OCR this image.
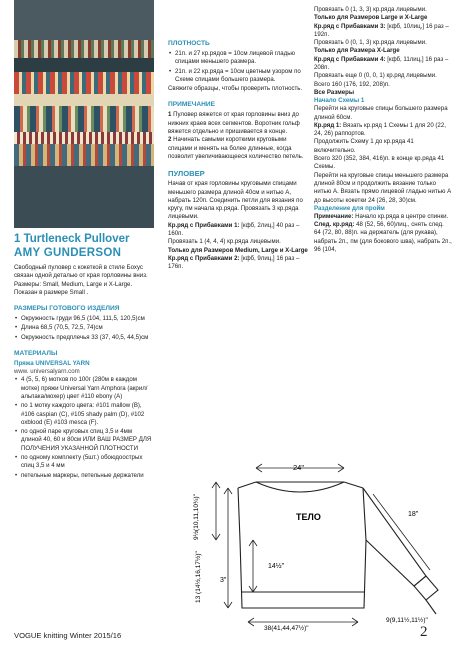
1 Turtleneck Pullover
AMY GUNDERSON

Свободный пуловер с кокеткой в стиле Бохус связан одной деталью от края горловины вниз.

Размеры: Small, Medium, Large и X-Large. Показан в размере Small .

РАЗМЕРЫ ГОТОВОГО ИЗДЕЛИЯ
• Окружность груди 96,5 (104, 111,5, 120,5)см
• Длина 68,5 (70,5, 72,5, 74)см
• Окружность предплечья 33 (37, 40,5, 44,5)см
МАТЕРИАЛЫ
Пряжа UNIVERSAL YARN

www. universalyarn.com

• 4 (5, 5, 6) мотков по 100г (280м в каждом мотке) пряжи Universal Yarn Amphora (акрил/альпака/мохер) цвет #110 ebony (A)
• по 1 мотку каждого цвета: #101 mallow (B), #106 caspian (C), #105 shady palm (D), #102 oxblood (E) #103 mesca (F).
• по одной паре круговых спиц 3,5 и 4мм длиной 40, 60 и 80см ИЛИ ВАШ РАЗМЕР ДЛЯ ПОЛУЧЕНИЯ УКАЗАННОЙ ПЛОТНОСТИ
• по одному комплекту (5шт.) обоюдоострых спиц 3,5 и 4 мм
• петельные маркеры, петельные держатели
ПЛОТНОСТЬ
• 21п. и 27 кр.рядов = 10см лицевой гладью спицами меньшего размера.
• 21п. и 22 кр.ряда = 10см цветным узором по Схеме спицами большего размера.

Свяжите образцы, чтобы проверить плотность.

ПРИМЕЧАНИЕ

1 Пуловер вяжется от края горловины вниз до нижних краев всех сегментов. Воротник гольф вяжется отдельно и пришивается в конце.

2 Начинать самыми короткими круговыми спицами и менять на более длинные, когда позволит увеличивающееся количество петель.

ПУЛОВЕР

Начав от края горловины круговыми спицами меньшего размера длиной 40см и нитью А, набрать 120п. Соединить петли для вязания по кругу, пм начала кр.ряда. Провязать 3 кр.ряда лицевыми.

Кр.ряд с Прибавками 1: [кфб, 2лиц,] 40 раз – 160п.

Провязать 1 (4, 4, 4) кр.ряда лицевыми.

Только для Размеров Medium, Large и X-Large

Кр.ряд с Прибавками 2: [кфб, 9лиц,] 16 раз – 176п.

Провязать 0 (1, 3, 3) кр.ряда лицевыми.

Только для Размеров Large и X-Large

Кр.ряд с Прибавками 3: [кфб, 10лиц,] 16 раз – 192п.

Провязать 0 (0, 1, 3) кр.ряда лицевыми.

Только для Размера X-Large

Кр.ряд с Прибавками 4: [кфб, 11лиц,] 16 раз – 208п.

Провязать еще 0 (0, 0, 1) кр.ряд лицевыми.

Всего 160 (176, 192, 208)п.

Все Размеры

Начало Схемы 1

Перейти на круговые спицы большего размера длиной 60см.

Кр.ряд 1: Вязать кр.ряд 1 Схемы 1 для 20 (22, 24, 26) раппортов.

Продолжить Схему 1 до кр.ряда 41 включительно.

Всего 320 (352, 384, 416)п. в конце кр.ряда 41 Схемы.

Перейти на круговые спицы меньшего размера длиной 80см и продолжить вязание только нитью А. Вязать прямо лицевой гладью нитью А до высоты кокетки 24 (26, 28, 30)см.

Разделение для пройм

Примечание: Начало кр.ряда в центре спинки.

След. кр.ряд: 48 (52, 56, 60)лиц., снять след. 64 (72, 80, 88)п. на держатель (для рукава), набрать 2п., пм (для бокового шва), набрать 2п., 96 (104,

24"
9½(10,11,10¾)"
13 (14½,16,17½)"	14½"
3"
18"
9(9,11½,11½)"
38(41,44,47½)"
ТЕЛО
VOGUE knitting Winter 2015/16	2
